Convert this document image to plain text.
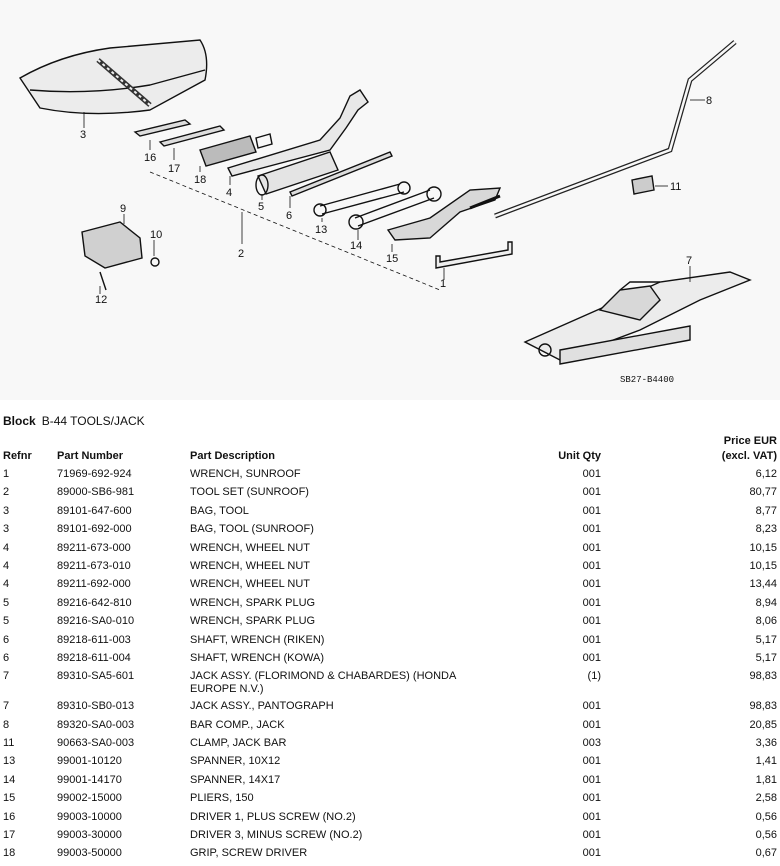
1
2
3
4
5
7
6
8
9
10
11
12
13
14
15
16
17
18
SB27-B4400
Block B-44 TOOLS/JACK
Refnr	Part Number	Part Description	Unit Qty	Price EUR
(excl. VAT)
1	71969-692-924	WRENCH, SUNROOF	001	6,12
2	89000-SB6-981	TOOL SET (SUNROOF)	001	80,77
3	89101-647-600	BAG, TOOL	001	8,77
3	89101-692-000	BAG, TOOL (SUNROOF)	001	8,23
4	89211-673-000	WRENCH, WHEEL NUT	001	10,15
4	89211-673-010	WRENCH, WHEEL NUT	001	10,15
4	89211-692-000	WRENCH, WHEEL NUT	001	13,44
5	89216-642-810	WRENCH, SPARK PLUG	001	8,94
5	89216-SA0-010	WRENCH, SPARK PLUG	001	8,06
6	89218-611-003	SHAFT, WRENCH (RIKEN)	001	5,17
6	89218-611-004	SHAFT, WRENCH (KOWA)	001	5,17
7	89310-SA5-601	JACK ASSY. (FLORIMOND & CHABARDES) (HONDA EUROPE N.V.)	(1)	98,83
7	89310-SB0-013	JACK ASSY., PANTOGRAPH	001	98,83
8	89320-SA0-003	BAR COMP., JACK	001	20,85
11	90663-SA0-003	CLAMP, JACK BAR	003	3,36
13	99001-10120	SPANNER, 10X12	001	1,41
14	99001-14170	SPANNER, 14X17	001	1,81
15	99002-15000	PLIERS, 150	001	2,58
16	99003-10000	DRIVER 1, PLUS SCREW (NO.2)	001	0,56
17	99003-30000	DRIVER 3, MINUS SCREW (NO.2)	001	0,56
18	99003-50000	GRIP, SCREW DRIVER	001	0,67
